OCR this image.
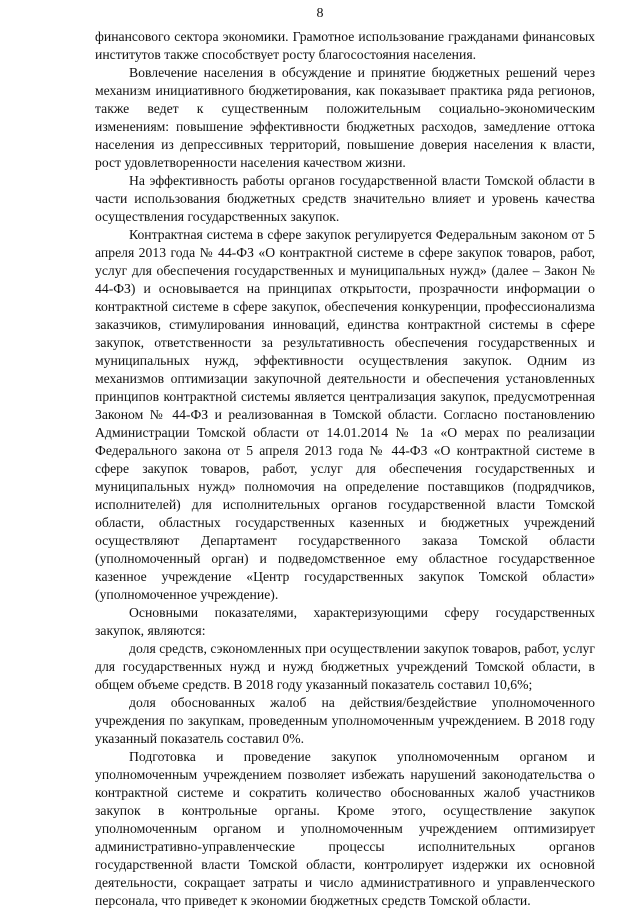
8

финансового сектора экономики. Грамотное использование гражданами финансовых институтов также способствует росту благосостояния населения.

Вовлечение населения в обсуждение и принятие бюджетных решений через механизм инициативного бюджетирования, как показывает практика ряда регионов, также ведет к существенным положительным социально-экономическим изменениям: повышение эффективности бюджетных расходов, замедление оттока населения из депрессивных территорий, повышение доверия населения к власти, рост удовлетворенности населения качеством жизни.

На эффективность работы органов государственной власти Томской области в части использования бюджетных средств значительно влияет и уровень качества осуществления государственных закупок.

Контрактная система в сфере закупок регулируется Федеральным законом от 5 апреля 2013 года № 44-ФЗ «О контрактной системе в сфере закупок товаров, работ, услуг для обеспечения государственных и муниципальных нужд» (далее – Закон № 44-ФЗ) и основывается на принципах открытости, прозрачности информации о контрактной системе в сфере закупок, обеспечения конкуренции, профессионализма заказчиков, стимулирования инноваций, единства контрактной системы в сфере закупок, ответственности за результативность обеспечения государственных и муниципальных нужд, эффективности осуществления закупок. Одним из механизмов оптимизации закупочной деятельности и обеспечения установленных принципов контрактной системы является централизация закупок, предусмотренная Законом № 44-ФЗ и реализованная в Томской области. Согласно постановлению Администрации Томской области от 14.01.2014 № 1а «О мерах по реализации Федерального закона от 5 апреля 2013 года № 44-ФЗ «О контрактной системе в сфере закупок товаров, работ, услуг для обеспечения государственных и муниципальных нужд» полномочия на определение поставщиков (подрядчиков, исполнителей) для исполнительных органов государственной власти Томской области, областных государственных казенных и бюджетных учреждений осуществляют Департамент государственного заказа Томской области (уполномоченный орган) и подведомственное ему областное государственное казенное учреждение «Центр государственных закупок Томской области» (уполномоченное учреждение).

Основными показателями, характеризующими сферу государственных закупок, являются:

доля средств, сэкономленных при осуществлении закупок товаров, работ, услуг для государственных нужд и нужд бюджетных учреждений Томской области, в общем объеме средств. В 2018 году указанный показатель составил 10,6%;

доля обоснованных жалоб на действия/бездействие уполномоченного учреждения по закупкам, проведенным уполномоченным учреждением. В 2018 году указанный показатель составил 0%.

Подготовка и проведение закупок уполномоченным органом и уполномоченным учреждением позволяет избежать нарушений законодательства о контрактной системе и сократить количество обоснованных жалоб участников закупок в контрольные органы. Кроме этого, осуществление закупок уполномоченным органом и уполномоченным учреждением оптимизирует административно-управленческие процессы исполнительных органов государственной власти Томской области, контролирует издержки их основной деятельности, сокращает затраты и число административного и управленческого персонала, что приведет к экономии бюджетных средств Томской области.
